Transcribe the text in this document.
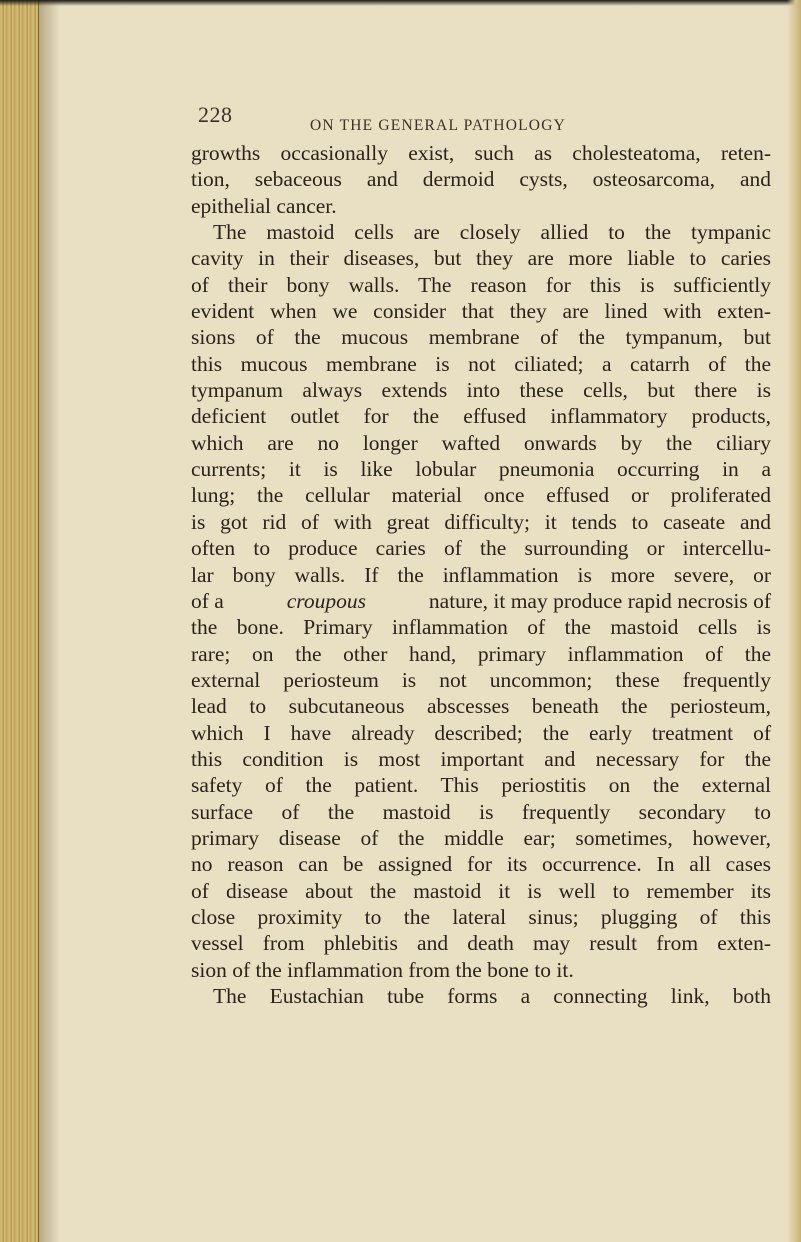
228	ON THE GENERAL PATHOLOGY
growths occasionally exist, such as cholesteatoma, reten-
tion, sebaceous and dermoid cysts, osteosarcoma, and
epithelial cancer.
The mastoid cells are closely allied to the tympanic
cavity in their diseases, but they are more liable to caries
of their bony walls. The reason for this is sufficiently
evident when we consider that they are lined with exten-
sions of the mucous membrane of the tympanum, but
this mucous membrane is not ciliated; a catarrh of the
tympanum always extends into these cells, but there is
deficient outlet for the effused inflammatory products,
which are no longer wafted onwards by the ciliary
currents; it is like lobular pneumonia occurring in a
lung; the cellular material once effused or proliferated
is got rid of with great difficulty; it tends to caseate and
often to produce caries of the surrounding or intercellu-
lar bony walls. If the inflammation is more severe, or
of a	croupous	nature, it may produce rapid necrosis of
the bone. Primary inflammation of the mastoid cells is
rare; on the other hand, primary inflammation of the
external periosteum is not uncommon; these frequently
lead to subcutaneous abscesses beneath the periosteum,
which I have already described; the early treatment of
this condition is most important and necessary for the
safety of the patient. This periostitis on the external
surface of the mastoid is frequently secondary to
primary disease of the middle ear; sometimes, however,
no reason can be assigned for its occurrence. In all cases
of disease about the mastoid it is well to remember its
close proximity to the lateral sinus; plugging of this
vessel from phlebitis and death may result from exten-
sion of the inflammation from the bone to it.
The Eustachian tube forms a connecting link, both
